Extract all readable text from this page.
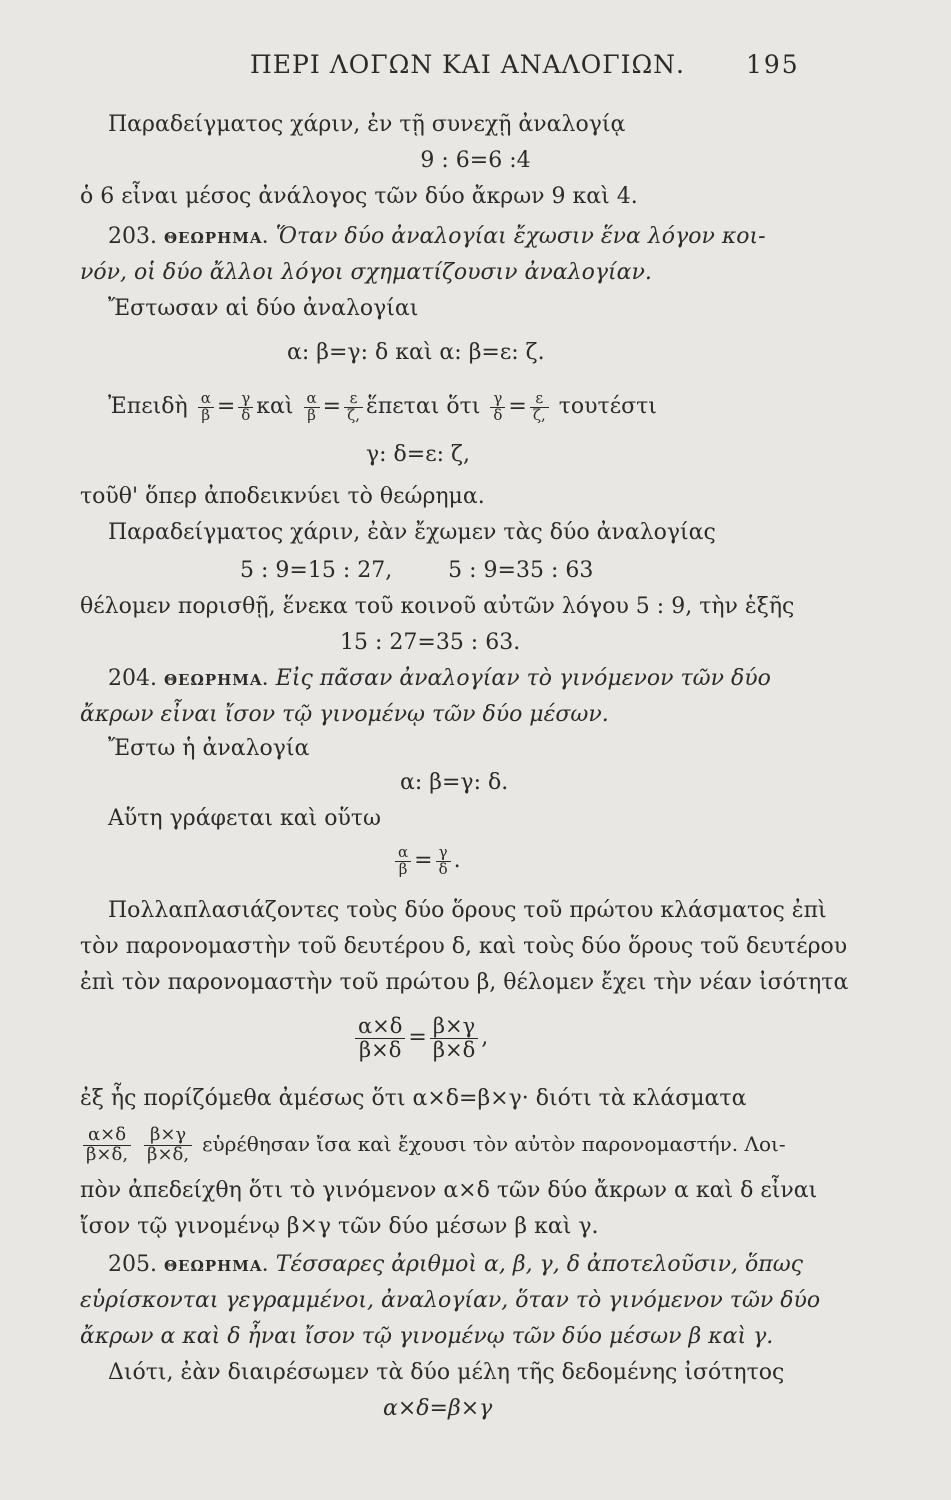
ΠΕΡΙ ΛΟΓΩΝ ΚΑΙ ΑΝΑΛΟΓΙΩΝ. 195
Παραδείγματος χάριν, ἐν τῇ συνεχῇ ἀναλογίᾳ
9 : 6=6 :4
ὁ 6 εἶναι μέσος ἀνάλογος τῶν δύο ἄκρων 9 καὶ 4.
203. ΘΕΩΡΗΜΑ. Ὅταν δύο ἀναλογίαι ἔχωσιν ἕνα λόγον κοι-
νόν, οἱ δύο ἄλλοι λόγοι σχηματίζουσιν ἀναλογίαν.
Ἔστωσαν αἱ δύο ἀναλογίαι
α: β=γ: δ καὶ α: β=ε: ζ.
Ἐπειδὴ $\frac{\alpha}{\beta} = \frac{\gamma}{\delta}$ καὶ $\frac{\alpha}{\beta} = \frac{\varepsilon}{\zeta,}$ ἕπεται ὅτι $\frac{\gamma}{\delta} = \frac{\varepsilon}{\zeta,}$ τουτέστι
γ: δ=ε: ζ,
τοῦθ' ὅπερ ἀποδεικνύει τὸ θεώρημα.
Παραδείγματος χάριν, ἐὰν ἔχωμεν τὰς δύο ἀναλογίας
5 : 9=15 : 27,        5 : 9=35 : 63
θέλομεν πορισθῇ, ἕνεκα τοῦ κοινοῦ αὐτῶν λόγου 5 : 9, τὴν ἑξῆς
15 : 27=35 : 63.
204. ΘΕΩΡΗΜΑ. Εἰς πᾶσαν ἀναλογίαν τὸ γινόμενον τῶν δύο
ἄκρων εἶναι ἴσον τῷ γινομένῳ τῶν δύο μέσων.
Ἔστω ἡ ἀναλογία
α: β=γ: δ.
Αὕτη γράφεται καὶ οὕτω
$\frac{\alpha}{\beta} = \frac{\gamma}{\delta}$ .
Πολλαπλασιάζοντες τοὺς δύο ὅρους τοῦ πρώτου κλάσματος ἐπὶ
τὸν παρονομαστὴν τοῦ δευτέρου δ, καὶ τοὺς δύο ὅρους τοῦ δευτέρου
ἐπὶ τὸν παρονομαστὴν τοῦ πρώτου β, θέλομεν ἔχει τὴν νέαν ἰσότητα
$\frac{\alpha\times\delta}{\beta\times\delta} = \frac{\beta\times\gamma}{\beta\times\delta}$ ,
ἐξ ἧς πορίζόμεθα ἀμέσως ὅτι α×δ=β×γ· διότι τὰ κλάσματα
$\frac{\alpha\times\delta}{\beta\times\delta,}$
$\frac{\beta\times\gamma}{\beta\times\delta,}$ εὑρέθησαν ἴσα καὶ ἔχουσι τὸν αὐτὸν παρονομαστήν. Λοι-
πὸν ἀπεδείχθη ὅτι τὸ γινόμενον α×δ τῶν δύο ἄκρων α καὶ δ εἶναι
ἴσον τῷ γινομένῳ β×γ τῶν δύο μέσων β καὶ γ.
205. ΘΕΩΡΗΜΑ. Τέσσαρες ἀριθμοὶ α, β, γ, δ ἀποτελοῦσιν, ὅπως
εὑρίσκονται γεγραμμένοι, ἀναλογίαν, ὅταν τὸ γινόμενον τῶν δύο
ἄκρων α καὶ δ ἦναι ἴσον τῷ γινομένῳ τῶν δύο μέσων β καὶ γ.
Διότι, ἐὰν διαιρέσωμεν τὰ δύο μέλη τῆς δεδομένης ἰσότητος
α×δ=β×γ
